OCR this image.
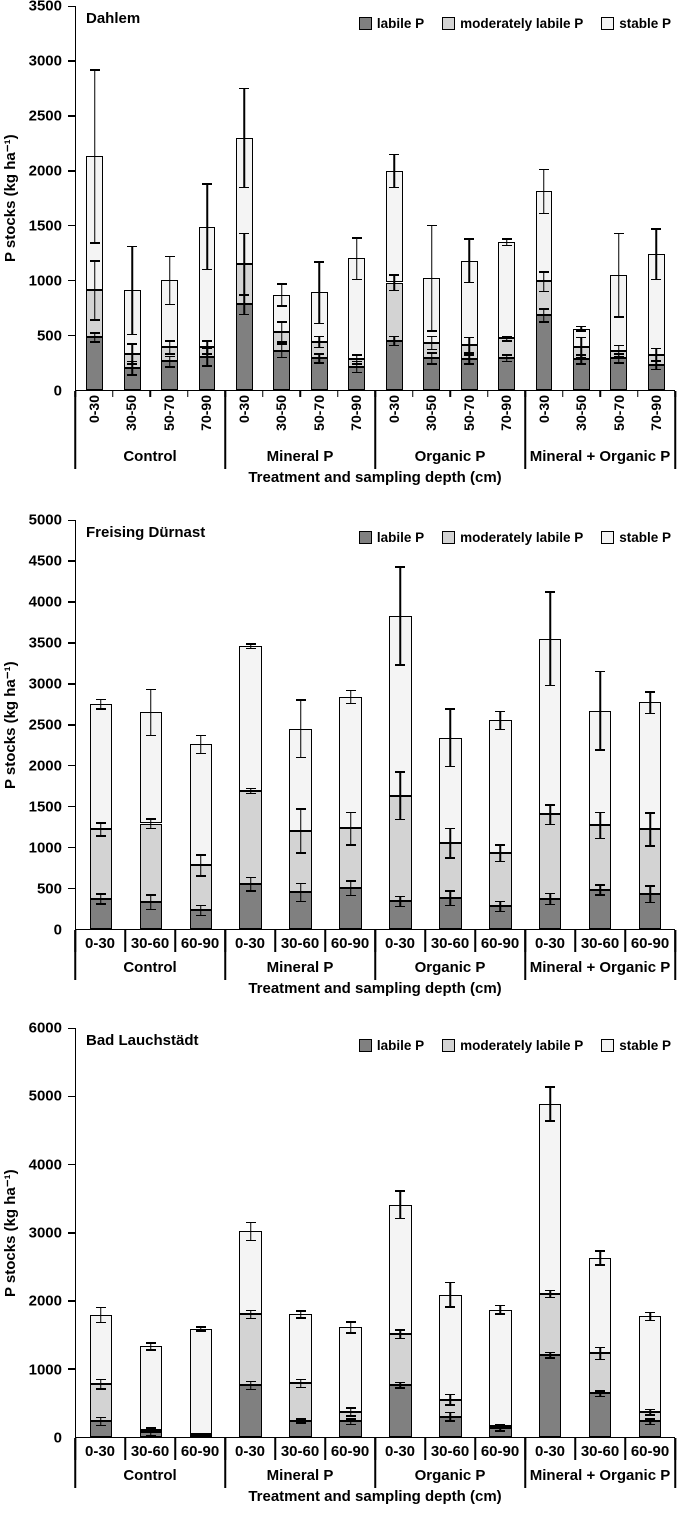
P stocks (kg ha⁻¹)
0
500
1000
1500
2000
2500
3000
3500
Dahlem	labile P	moderately labile P	stable P
0-30 30-50 50-70 70-90 0-30 30-50 50-70 70-90 0-30 30-50 50-70 70-90 0-30 30-50 50-70 70-90
Control	Mineral P	Organic P	Mineral + Organic P
Treatment and sampling depth (cm)
P stocks (kg ha⁻¹)
0
500
1000
1500
2000
2500
3000
3500
4000
4500
5000
Freising Dürnast	labile P	moderately labile P	stable P
0-30 30-60 60-90 0-30 30-60 60-90 0-30 30-60 60-90 0-30 30-60 60-90
Control	Mineral P	Organic P	Mineral + Organic P
Treatment and sampling depth (cm)
P stocks (kg ha⁻¹)
0
1000
2000
3000
4000
5000
6000
Bad Lauchstädt	labile P	moderately labile P	stable P
0-30 30-60 60-90 0-30 30-60 60-90 0-30 30-60 60-90 0-30 30-60 60-90
Control	Mineral P	Organic P	Mineral + Organic P
Treatment and sampling depth (cm)
